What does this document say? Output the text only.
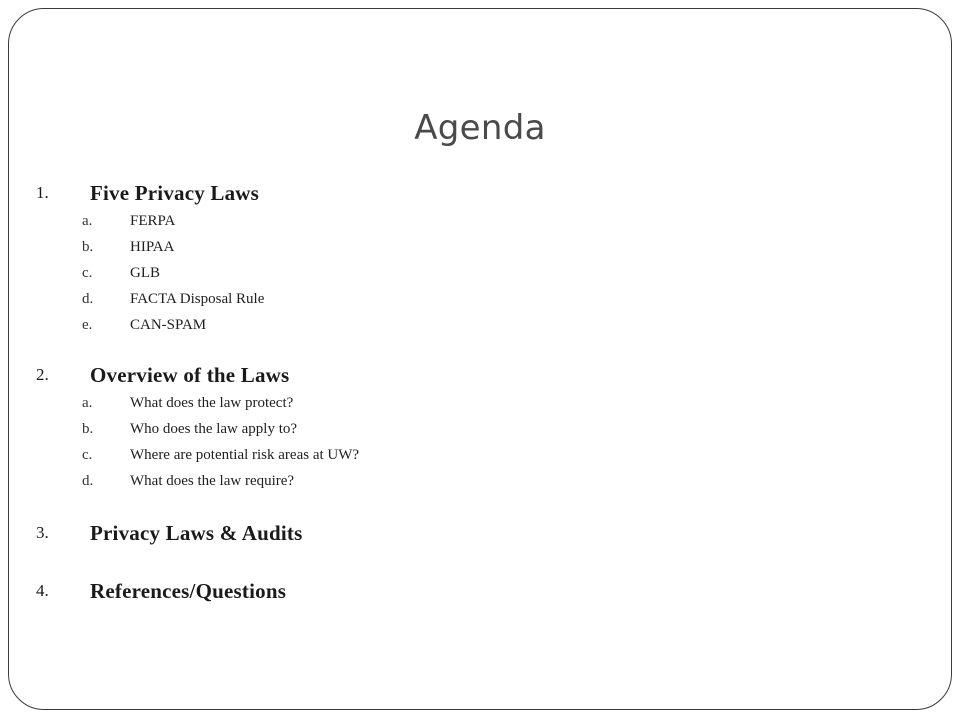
Agenda
1. Five Privacy Laws
a.	FERPA
b. HIPAA
c.	GLB
d. FACTA Disposal Rule
e.	CAN-SPAM
2. Overview of the Laws
a.	What does the law protect?
b. Who does the law apply to?
c.	Where are potential risk areas at UW?
d. What does the law require?
3. Privacy Laws & Audits
4. References/Questions
